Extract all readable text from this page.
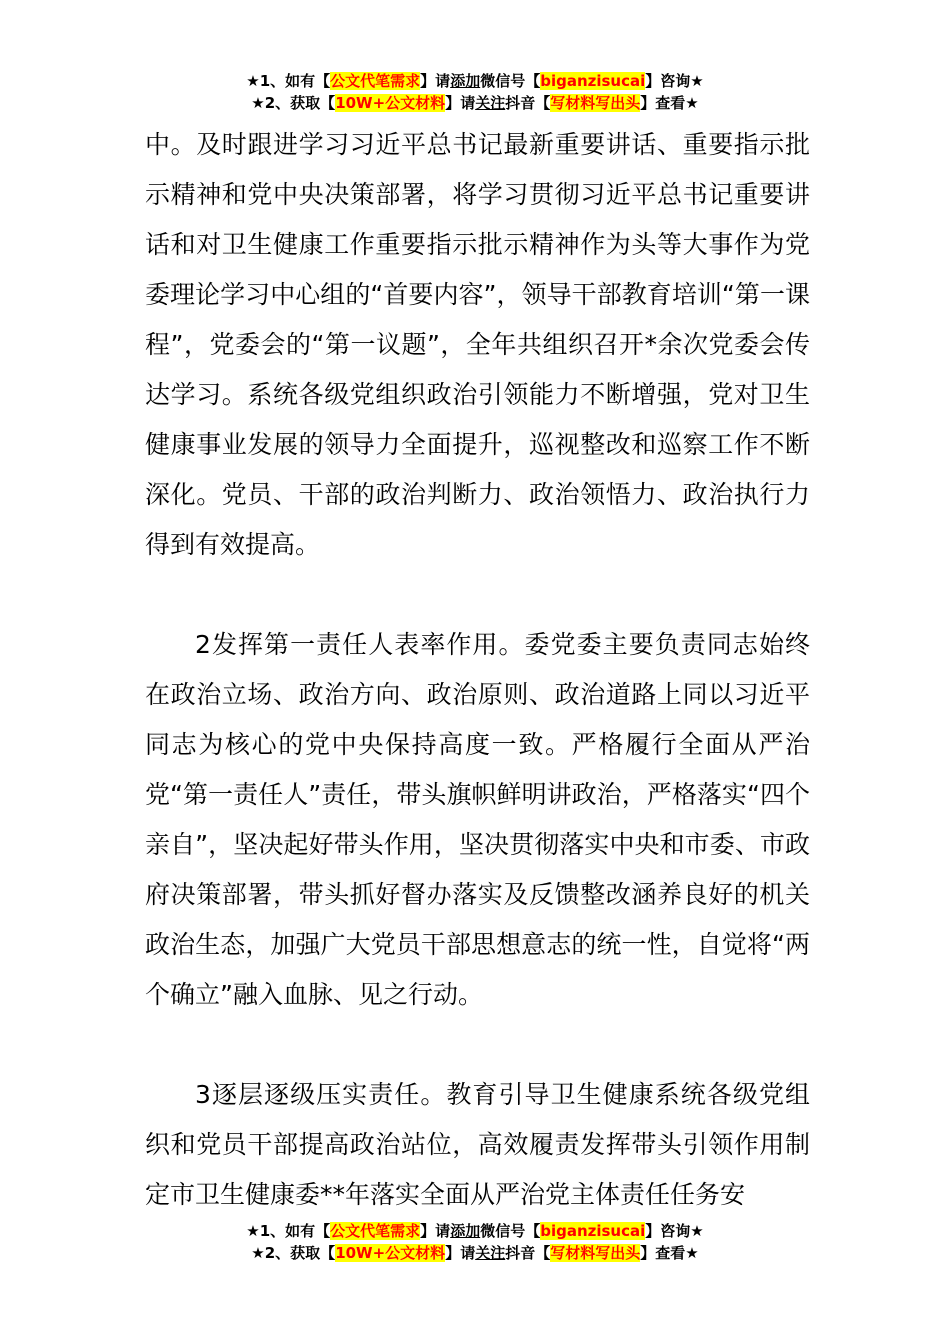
★1、如有【公文代笔需求】请添加微信号【biganzisucai】咨询★
★2、获取【10W+公文材料】请关注抖音【写材料写出头】查看★

中。及时跟进学习习近平总书记最新重要讲话、重要指示批示精神和党中央决策部署，将学习贯彻习近平总书记重要讲话和对卫生健康工作重要指示批示精神作为头等大事作为党委理论学习中心组的“首要内容”，领导干部教育培训“第一课程”，党委会的“第一议题”，全年共组织召开*余次党委会传达学习。系统各级党组织政治引领能力不断增强，党对卫生健康事业发展的领导力全面提升，巡视整改和巡察工作不断深化。党员、干部的政治判断力、政治领悟力、政治执行力得到有效提高。

2发挥第一责任人表率作用。委党委主要负责同志始终在政治立场、政治方向、政治原则、政治道路上同以习近平同志为核心的党中央保持高度一致。严格履行全面从严治党“第一责任人”责任，带头旗帜鲜明讲政治，严格落实“四个亲自”，坚决起好带头作用，坚决贯彻落实中央和市委、市政府决策部署，带头抓好督办落实及反馈整改涵养良好的机关政治生态，加强广大党员干部思想意志的统一性，自觉将“两个确立”融入血脉、见之行动。

3逐层逐级压实责任。教育引导卫生健康系统各级党组织和党员干部提高政治站位，高效履责发挥带头引领作用制定市卫生健康委**年落实全面从严治党主体责任任务安

★1、如有【公文代笔需求】请添加微信号【biganzisucai】咨询★
★2、获取【10W+公文材料】请关注抖音【写材料写出头】查看★
